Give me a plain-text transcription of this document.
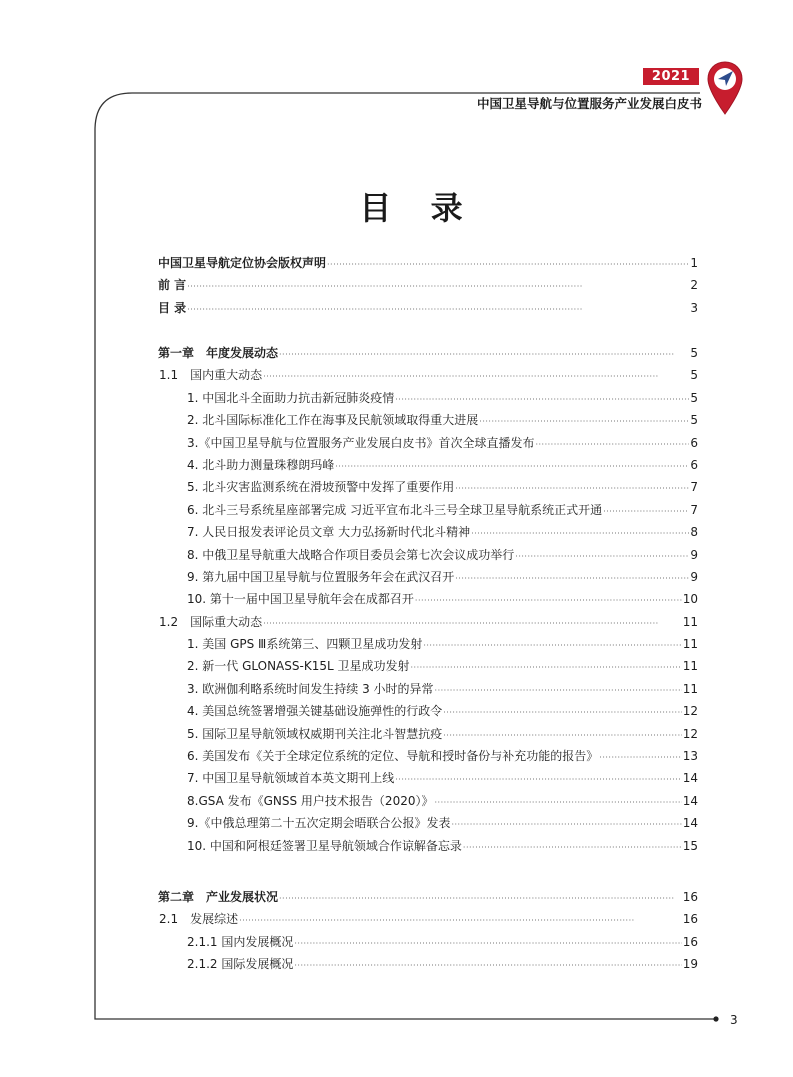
2021
中国卫星导航与位置服务产业发展白皮书
目 录
中国卫星导航定位协会版权声明 ·····	1
前 言 ·····	2
目 录 ·····	3
第一章　年度发展动态 ·····	5
1.1　国内重大动态 ·····	5
1. 中国北斗全面助力抗击新冠肺炎疫情 ·····	5
2. 北斗国际标准化工作在海事及民航领域取得重大进展 ·····	5
3.《中国卫星导航与位置服务产业发展白皮书》首次全球直播发布 ·····	6
4. 北斗助力测量珠穆朗玛峰 ·····	6
5. 北斗灾害监测系统在滑坡预警中发挥了重要作用 ·····	7
6. 北斗三号系统星座部署完成 习近平宣布北斗三号全球卫星导航系统正式开通 ·····	7
7. 人民日报发表评论员文章 大力弘扬新时代北斗精神 ·····	8
8. 中俄卫星导航重大战略合作项目委员会第七次会议成功举行 ·····	9
9. 第九届中国卫星导航与位置服务年会在武汉召开 ·····	9
10. 第十一届中国卫星导航年会在成都召开 ·····	10
1.2　国际重大动态 ·····	11
1. 美国 GPS Ⅲ系统第三、四颗卫星成功发射 ·····	11
2. 新一代 GLONASS-K15L 卫星成功发射 ·····	11
3. 欧洲伽利略系统时间发生持续 3 小时的异常 ·····	11
4. 美国总统签署增强关键基础设施弹性的行政令 ·····	12
5. 国际卫星导航领域权威期刊关注北斗智慧抗疫 ·····	12
6. 美国发布《关于全球定位系统的定位、导航和授时备份与补充功能的报告》 ·····	13
7. 中国卫星导航领域首本英文期刊上线 ·····	14
8.GSA 发布《GNSS 用户技术报告（2020）》 ·····	14
9.《中俄总理第二十五次定期会晤联合公报》发表 ·····	14
10. 中国和阿根廷签署卫星导航领域合作谅解备忘录 ·····	15
第二章　产业发展状况 ·····	16
2.1　发展综述 ·····	16
2.1.1 国内发展概况 ·····	16
2.1.2 国际发展概况 ·····	19
3
